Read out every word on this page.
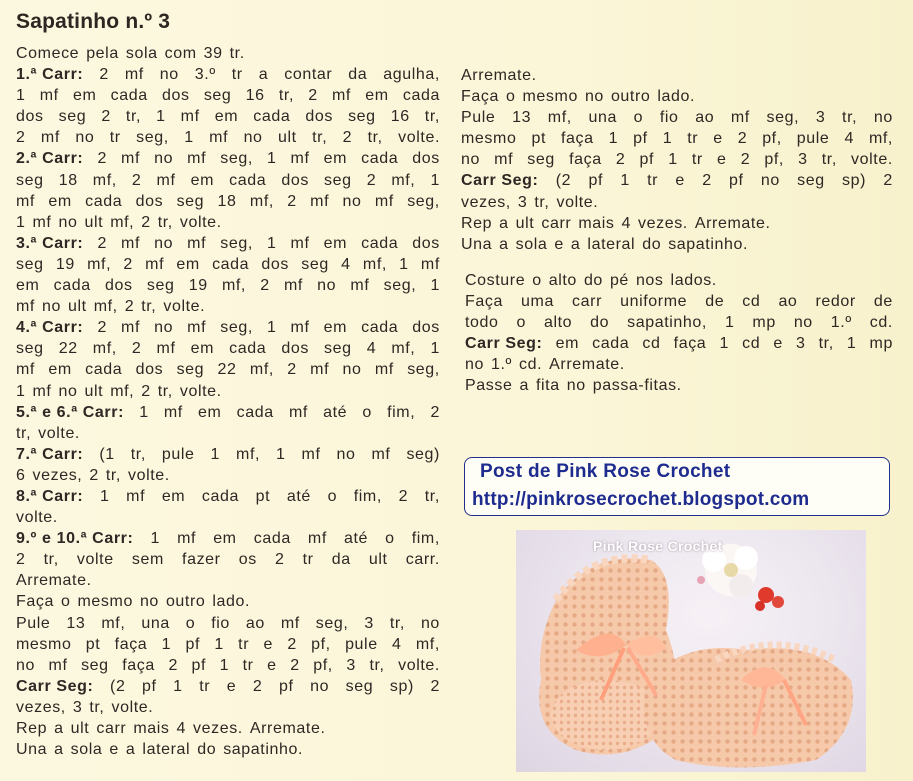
Sapatinho n.º 3
Comece pela sola com 39 tr.
1.ª Carr: 2 mf no 3.º tr a contar da agulha,
1 mf em cada dos seg 16 tr, 2 mf em cada
dos seg 2 tr, 1 mf em cada dos seg 16 tr,
2 mf no tr seg, 1 mf no ult tr, 2 tr, volte.
2.ª Carr: 2 mf no mf seg, 1 mf em cada dos
seg 18 mf, 2 mf em cada dos seg 2 mf, 1
mf em cada dos seg 18 mf, 2 mf no mf seg,
1 mf no ult mf, 2 tr, volte.
3.ª Carr: 2 mf no mf seg, 1 mf em cada dos
seg 19 mf, 2 mf em cada dos seg 4 mf, 1 mf
em cada dos seg 19 mf, 2 mf no mf seg, 1
mf no ult mf, 2 tr, volte.
4.ª Carr: 2 mf no mf seg, 1 mf em cada dos
seg 22 mf, 2 mf em cada dos seg 4 mf, 1
mf em cada dos seg 22 mf, 2 mf no mf seg,
1 mf no ult mf, 2 tr, volte.
5.ª e 6.ª Carr: 1 mf em cada mf até o fim, 2
tr, volte.
7.ª Carr: (1 tr, pule 1 mf, 1 mf no mf seg)
6 vezes, 2 tr, volte.
8.ª Carr: 1 mf em cada pt até o fim, 2 tr,
volte.
9.º e 10.ª Carr: 1 mf em cada mf até o fim,
2 tr, volte sem fazer os 2 tr da ult carr.
Arremate.
Faça o mesmo no outro lado.
Pule 13 mf, una o fio ao mf seg, 3 tr, no
mesmo pt faça 1 pf 1 tr e 2 pf, pule 4 mf,
no mf seg faça 2 pf 1 tr e 2 pf, 3 tr, volte.
Carr Seg: (2 pf 1 tr e 2 pf no seg sp) 2
vezes, 3 tr, volte.
Rep a ult carr mais 4 vezes. Arremate.
Una a sola e a lateral do sapatinho.
Arremate.
Faça o mesmo no outro lado.
Pule 13 mf, una o fio ao mf seg, 3 tr, no
mesmo pt faça 1 pf 1 tr e 2 pf, pule 4 mf,
no mf seg faça 2 pf 1 tr e 2 pf, 3 tr, volte.
Carr Seg: (2 pf 1 tr e 2 pf no seg sp) 2
vezes, 3 tr, volte.
Rep a ult carr mais 4 vezes. Arremate.
Una a sola e a lateral do sapatinho.
Costure o alto do pé nos lados.
Faça uma carr uniforme de cd ao redor de
todo o alto do sapatinho, 1 mp no 1.º cd.
Carr Seg: em cada cd faça 1 cd e 3 tr, 1 mp
no 1.º cd. Arremate.
Passe a fita no passa-fitas.
Post de Pink Rose Crochet
http://pinkrosecrochet.blogspot.com
Pink Rose Crochet
